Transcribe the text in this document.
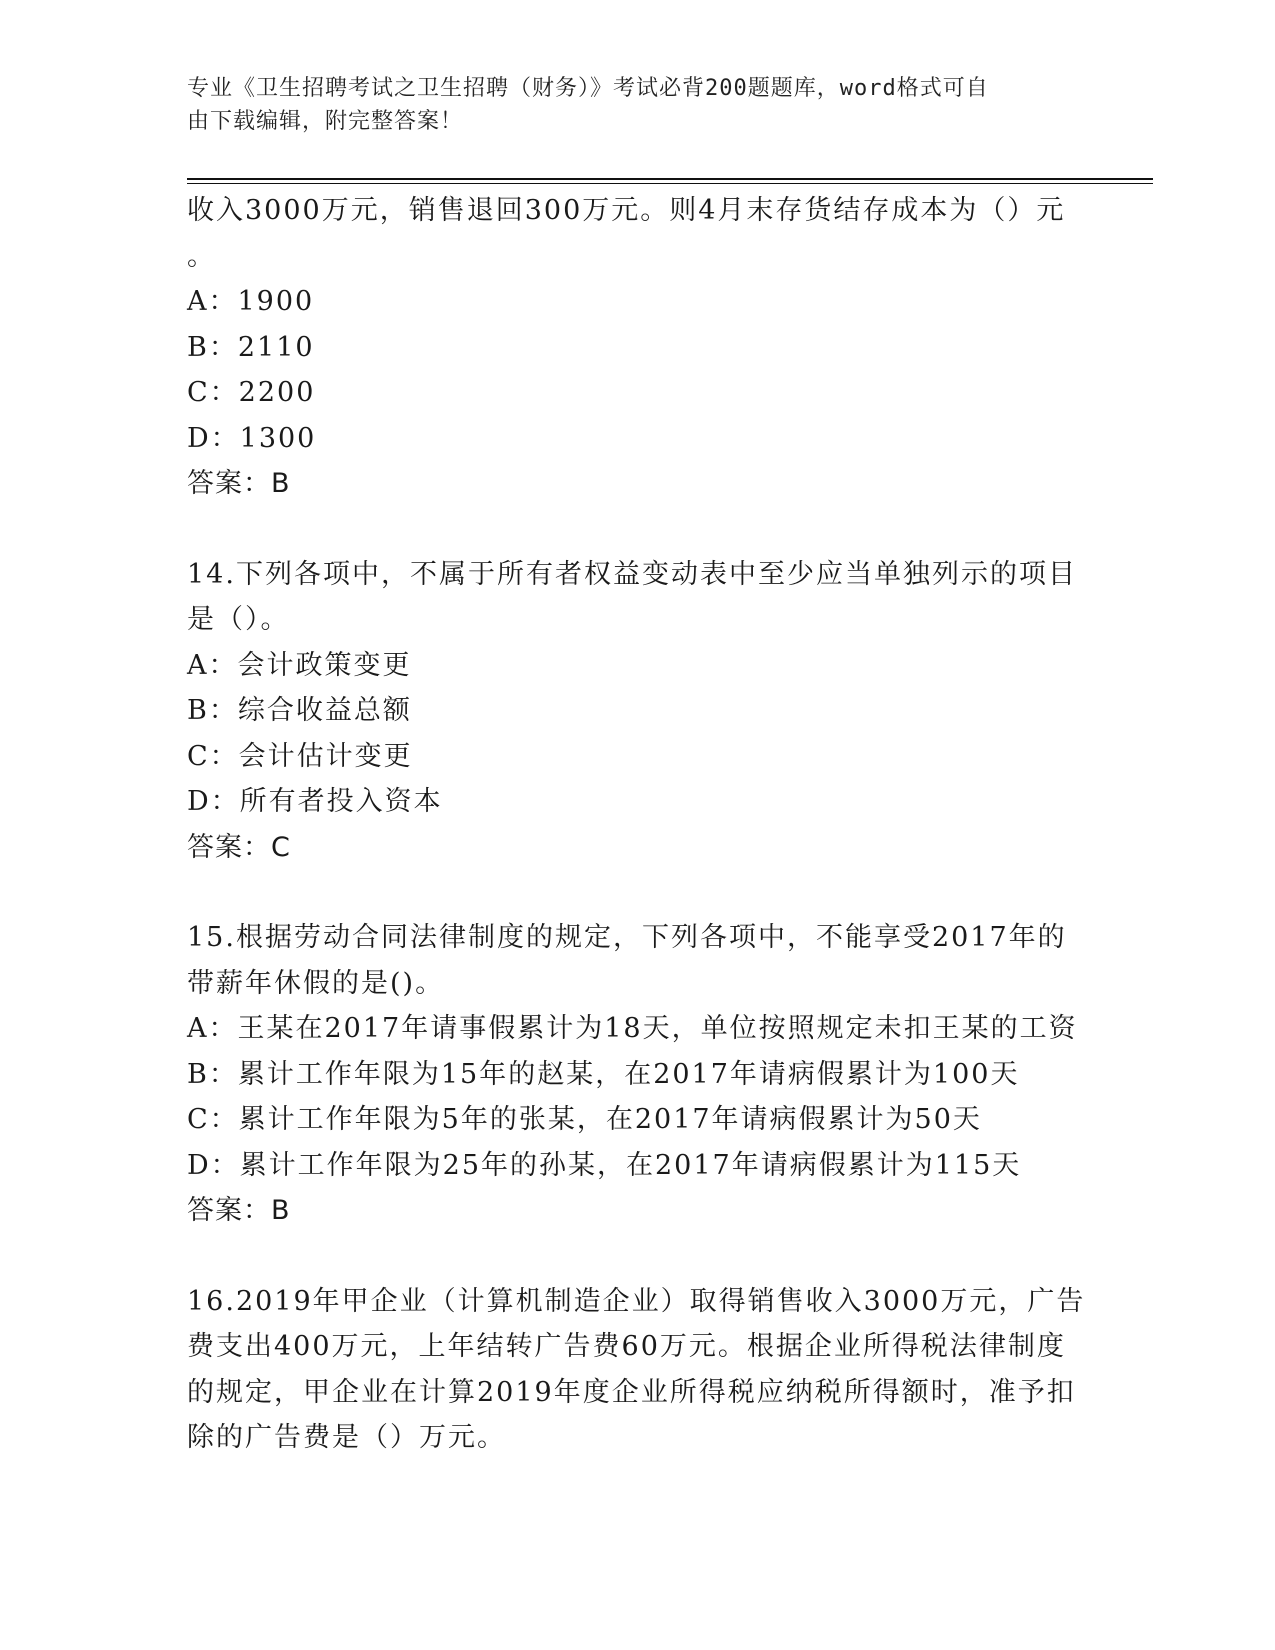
专业《卫生招聘考试之卫生招聘（财务）》考试必背200题题库，word格式可自
由下载编辑，附完整答案！
收入3000万元，销售退回300万元。则4月末存货结存成本为（）元
。
A：1900
B：2110
C：2200
D：1300
答案：B
14.下列各项中，不属于所有者权益变动表中至少应当单独列示的项目
是（）。
A：会计政策变更
B：综合收益总额
C：会计估计变更
D：所有者投入资本
答案：C
15.根据劳动合同法律制度的规定，下列各项中，不能享受2017年的
带薪年休假的是()。
A：王某在2017年请事假累计为18天，单位按照规定未扣王某的工资
B：累计工作年限为15年的赵某，在2017年请病假累计为100天
C：累计工作年限为5年的张某，在2017年请病假累计为50天
D：累计工作年限为25年的孙某，在2017年请病假累计为115天
答案：B
16.2019年甲企业（计算机制造企业）取得销售收入3000万元，广告
费支出400万元，上年结转广告费60万元。根据企业所得税法律制度
的规定，甲企业在计算2019年度企业所得税应纳税所得额时，准予扣
除的广告费是（）万元。
